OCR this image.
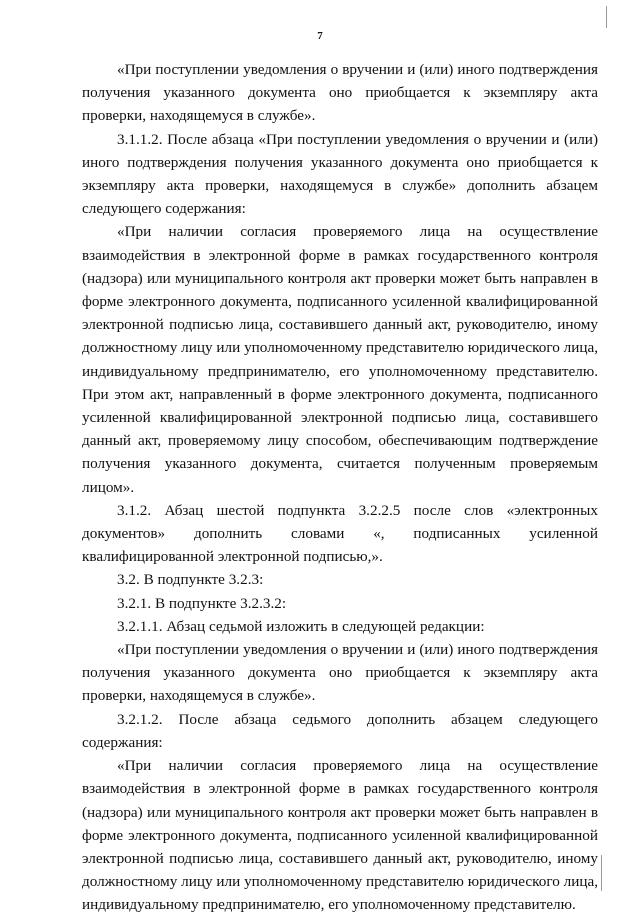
7

«При поступлении уведомления о вручении и (или) иного подтверждения получения указанного документа оно приобщается к экземпляру акта проверки, находящемуся в службе».

3.1.1.2. После абзаца «При поступлении уведомления о вручении и (или) иного подтверждения получения указанного документа оно приобщается к экземпляру акта проверки, находящемуся в службе» дополнить абзацем следующего содержания:

«При наличии согласия проверяемого лица на осуществление взаимодействия в электронной форме в рамках государственного контроля (надзора) или муниципального контроля акт проверки может быть направлен в форме электронного документа, подписанного усиленной квалифицированной электронной подписью лица, составившего данный акт, руководителю, иному должностному лицу или уполномоченному представителю юридического лица, индивидуальному предпринимателю, его уполномоченному представителю. При этом акт, направленный в форме электронного документа, подписанного усиленной квалифицированной электронной подписью лица, составившего данный акт, проверяемому лицу способом, обеспечивающим подтверждение получения указанного документа, считается полученным проверяемым лицом».

3.1.2. Абзац шестой подпункта 3.2.2.5 после слов «электронных документов» дополнить словами «, подписанных усиленной квалифицированной электронной подписью,».

3.2. В подпункте 3.2.3:

3.2.1. В подпункте 3.2.3.2:

3.2.1.1. Абзац седьмой изложить в следующей редакции:

«При поступлении уведомления о вручении и (или) иного подтверждения получения указанного документа оно приобщается к экземпляру акта проверки, находящемуся в службе».

3.2.1.2. После абзаца седьмого дополнить абзацем следующего содержания:

«При наличии согласия проверяемого лица на осуществление взаимодействия в электронной форме в рамках государственного контроля (надзора) или муниципального контроля акт проверки может быть направлен в форме электронного документа, подписанного усиленной квалифицированной электронной подписью лица, составившего данный акт, руководителю, иному должностному лицу или уполномоченному представителю юридического лица, индивидуальному предпринимателю, его уполномоченному представителю.
